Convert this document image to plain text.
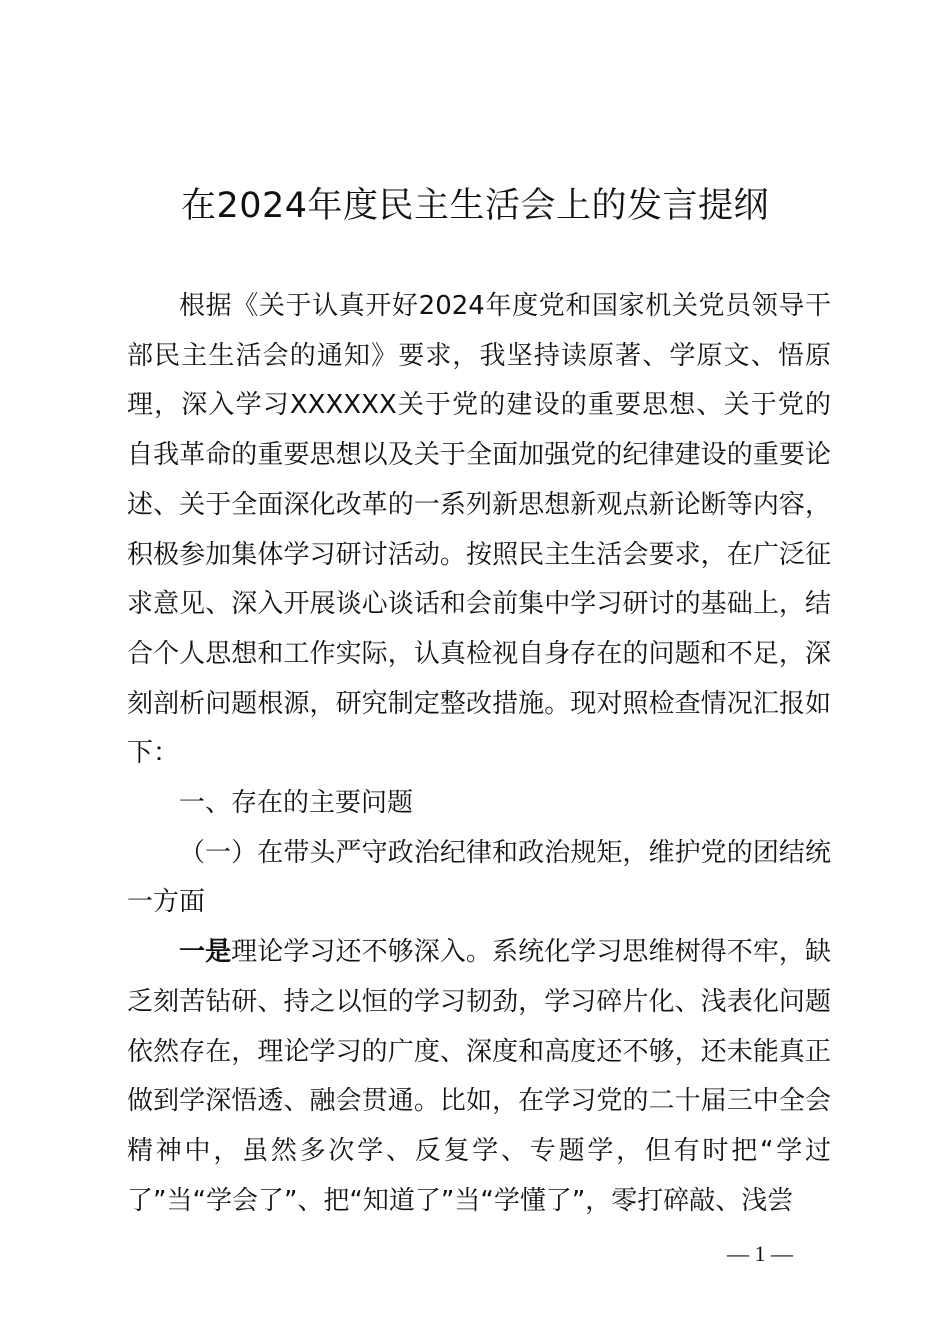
在2024年度民主生活会上的发言提纲

根据《关于认真开好2024年度党和国家机关党员领导干部民主生活会的通知》要求，我坚持读原著、学原文、悟原理，深入学习XXXXXX关于党的建设的重要思想、关于党的自我革命的重要思想以及关于全面加强党的纪律建设的重要论述、关于全面深化改革的一系列新思想新观点新论断等内容，积极参加集体学习研讨活动。按照民主生活会要求，在广泛征求意见、深入开展谈心谈话和会前集中学习研讨的基础上，结合个人思想和工作实际，认真检视自身存在的问题和不足，深刻剖析问题根源，研究制定整改措施。现对照检查情况汇报如下：

一、存在的主要问题

（一）在带头严守政治纪律和政治规矩，维护党的团结统一方面

一是理论学习还不够深入。系统化学习思维树得不牢，缺乏刻苦钻研、持之以恒的学习韧劲，学习碎片化、浅表化问题依然存在，理论学习的广度、深度和高度还不够，还未能真正做到学深悟透、融会贯通。比如，在学习党的二十届三中全会精神中，虽然多次学、反复学、专题学，但有时把“学过了”当“学会了”、把“知道了”当“学懂了”，零打碎敲、浅尝

— 1 —
